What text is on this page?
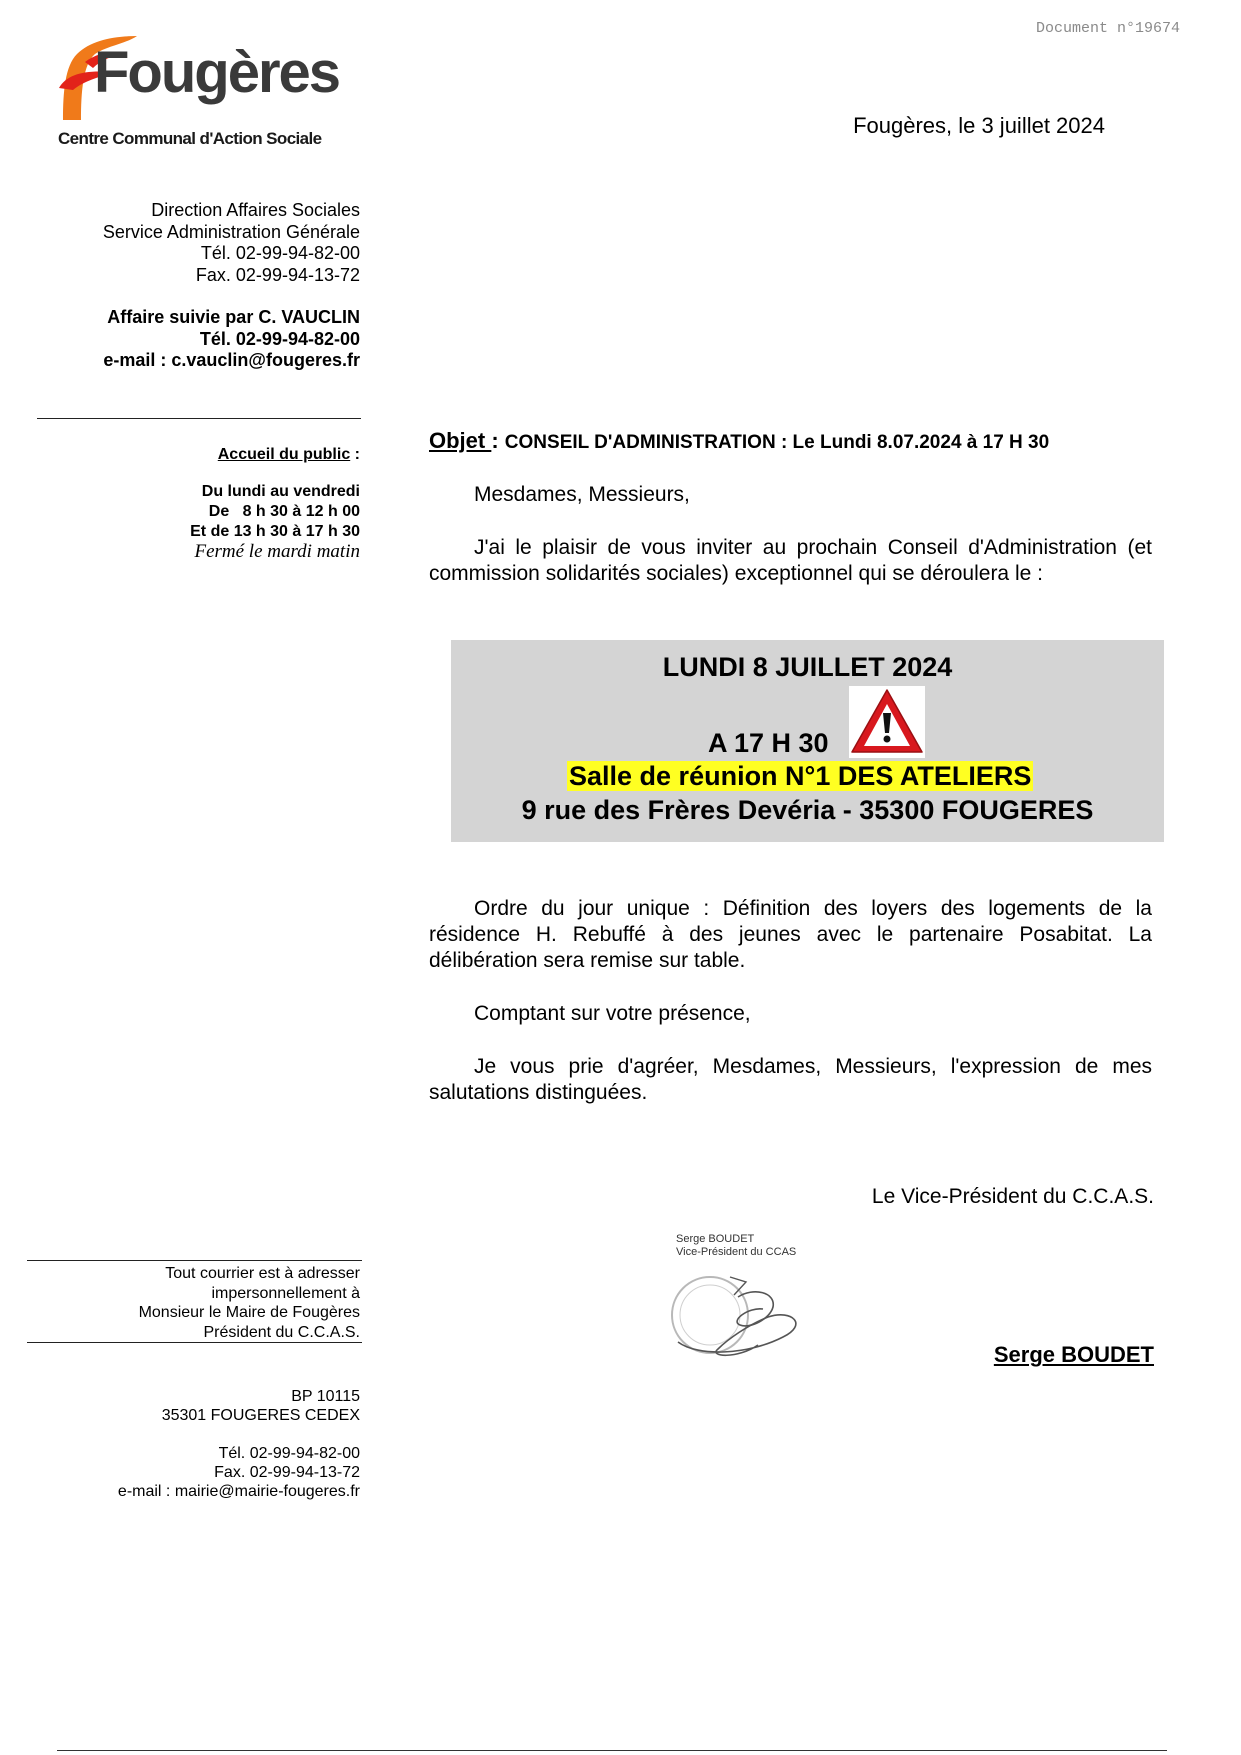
Document n°19674
Fougères
Centre Communal d'Action Sociale
Fougères, le 3 juillet 2024
Direction Affaires Sociales
Service Administration Générale
Tél. 02-99-94-82-00
Fax. 02-99-94-13-72
Affaire suivie par C. VAUCLIN
Tél. 02-99-94-82-00
e-mail : c.vauclin@fougeres.fr
Accueil du public :
Du lundi au vendredi
De   8 h 30 à 12 h 00
Et de 13 h 30 à 17 h 30
Fermé le mardi matin
Tout courrier est à adresser
impersonnellement à
Monsieur le Maire de Fougères
Président du C.C.A.S.
BP 10115
35301 FOUGERES CEDEX
Tél. 02-99-94-82-00
Fax. 02-99-94-13-72
e-mail : mairie@mairie-fougeres.fr
Objet : CONSEIL D'ADMINISTRATION : Le Lundi 8.07.2024 à 17 H 30
Mesdames, Messieurs,
J'ai le plaisir de vous inviter au prochain Conseil d'Administration (et commission solidarités sociales) exceptionnel qui se déroulera le :
LUNDI 8 JUILLET 2024
A 17 H 30
Salle de réunion N°1 DES ATELIERS
9 rue des Frères Devéria - 35300 FOUGERES
Ordre du jour unique : Définition des loyers des logements de la résidence H. Rebuffé à des jeunes avec le partenaire Posabitat. La délibération sera remise sur table.
Comptant sur votre présence,
Je vous prie d'agréer, Mesdames, Messieurs, l'expression de mes salutations distinguées.
Le Vice-Président du C.C.A.S.
Serge BOUDET
Vice-Président du CCAS
Serge BOUDET
